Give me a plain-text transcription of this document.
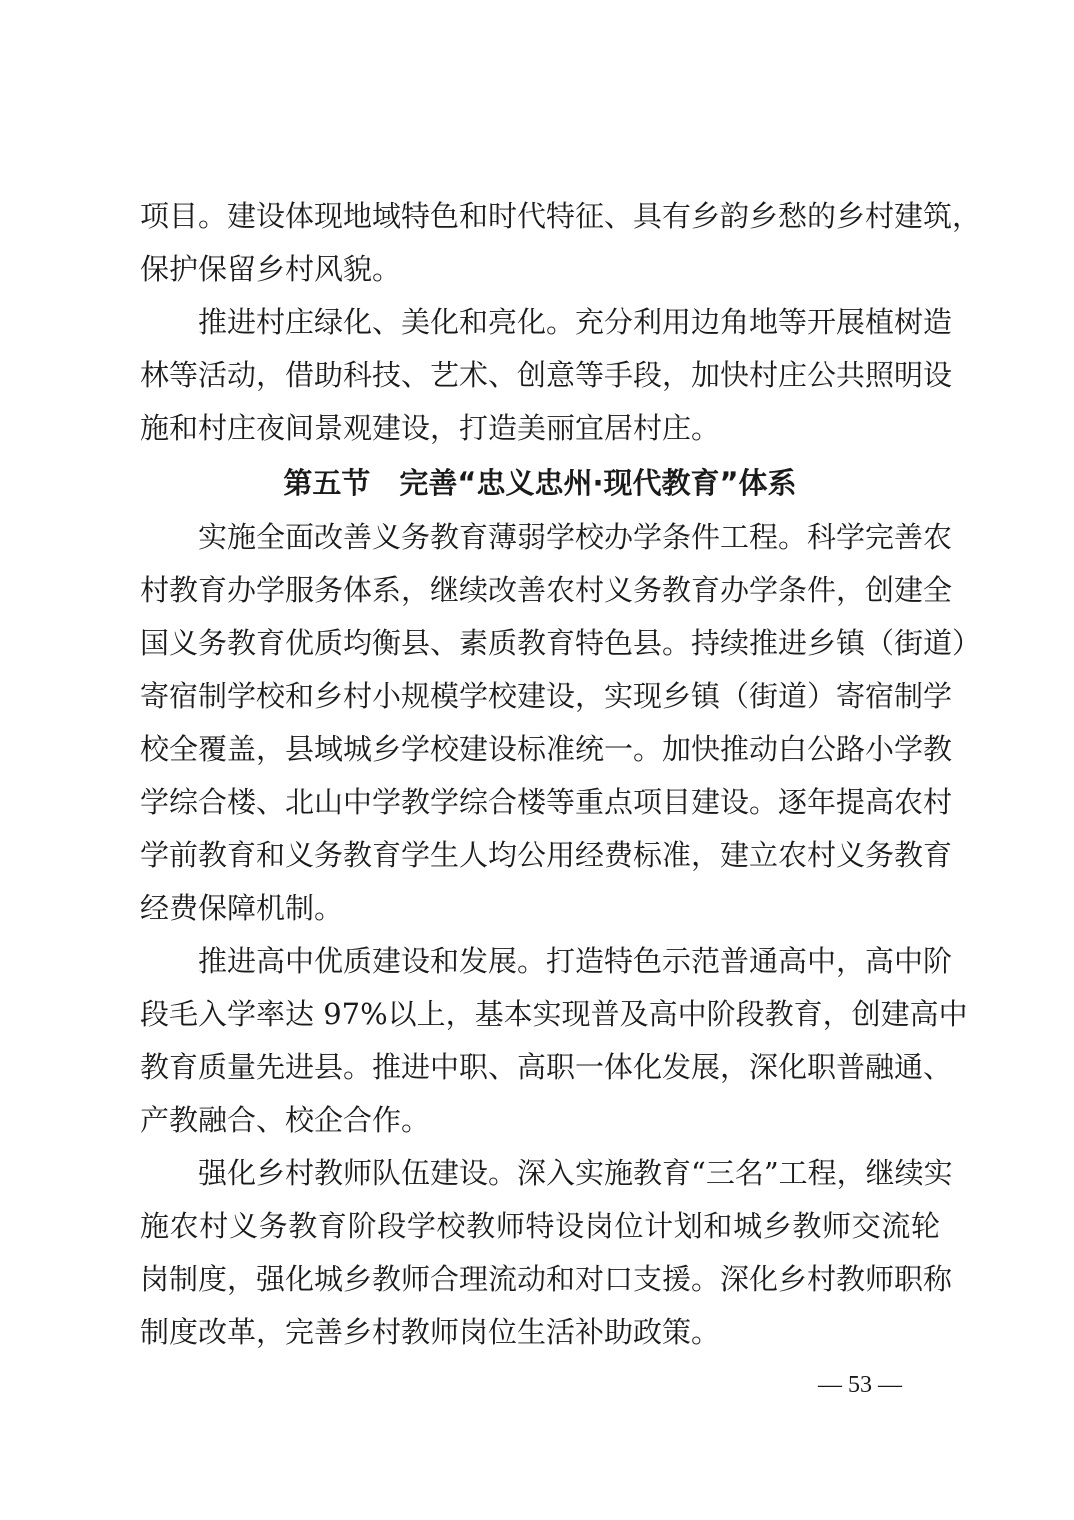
项目。建设体现地域特色和时代特征、具有乡韵乡愁的乡村建筑，
保护保留乡村风貌。
推进村庄绿化、美化和亮化。充分利用边角地等开展植树造
林等活动，借助科技、艺术、创意等手段，加快村庄公共照明设
施和村庄夜间景观建设，打造美丽宜居村庄。
第五节　完善“忠义忠州·现代教育”体系
实施全面改善义务教育薄弱学校办学条件工程。科学完善农
村教育办学服务体系，继续改善农村义务教育办学条件，创建全
国义务教育优质均衡县、素质教育特色县。持续推进乡镇（街道）
寄宿制学校和乡村小规模学校建设，实现乡镇（街道）寄宿制学
校全覆盖，县域城乡学校建设标准统一。加快推动白公路小学教
学综合楼、北山中学教学综合楼等重点项目建设。逐年提高农村
学前教育和义务教育学生人均公用经费标准，建立农村义务教育
经费保障机制。
推进高中优质建设和发展。打造特色示范普通高中，高中阶
段毛入学率达 97%以上，基本实现普及高中阶段教育，创建高中
教育质量先进县。推进中职、高职一体化发展，深化职普融通、
产教融合、校企合作。
强化乡村教师队伍建设。深入实施教育“三名”工程，继续实
施农村义务教育阶段学校教师特设岗位计划和城乡教师交流轮
岗制度，强化城乡教师合理流动和对口支援。深化乡村教师职称
制度改革，完善乡村教师岗位生活补助政策。
— 53 —
